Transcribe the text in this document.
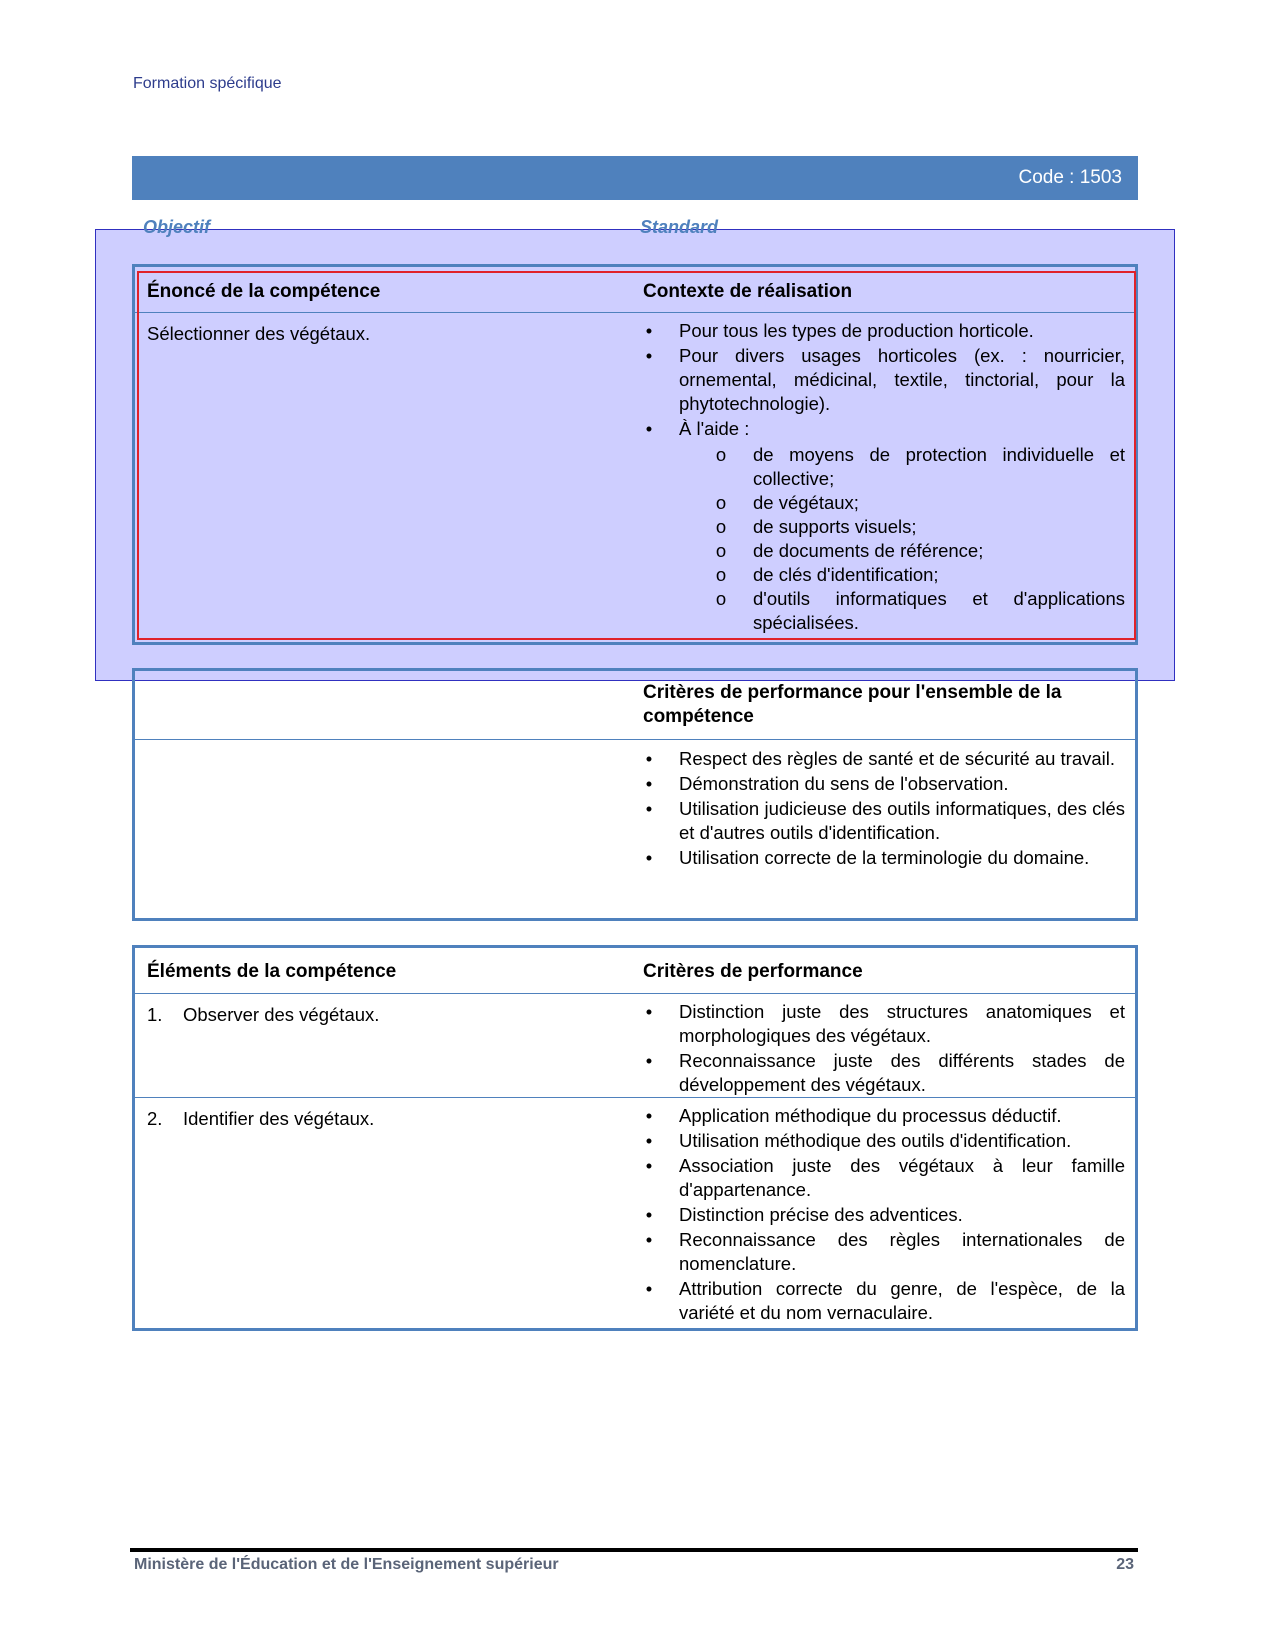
Formation spécifique
Code : 1503
Objectif	Standard
Énoncé de la compétence	Contexte de réalisation
Sélectionner des végétaux.	• Pour tous les types de production horticole.
• Pour divers usages horticoles (ex. : nourricier, ornemental, médicinal, textile, tinctorial, pour la phytotechnologie).
• À l'aide :
o de moyens de protection individuelle et collective;
o de végétaux;
o de supports visuels;
o de documents de référence;
o de clés d'identification;
o d'outils informatiques et d'applications spécialisées.
Critères de performance pour l'ensemble de la compétence
• Respect des règles de santé et de sécurité au travail.
• Démonstration du sens de l'observation.
• Utilisation judicieuse des outils informatiques, des clés et d'autres outils d'identification.
• Utilisation correcte de la terminologie du domaine.
Éléments de la compétence	Critères de performance
1. Observer des végétaux.	• Distinction juste des structures anatomiques et morphologiques des végétaux.
• Reconnaissance juste des différents stades de développement des végétaux.
2. Identifier des végétaux.	• Application méthodique du processus déductif.
• Utilisation méthodique des outils d'identification.
• Association juste des végétaux à leur famille d'appartenance.
• Distinction précise des adventices.
• Reconnaissance des règles internationales de nomenclature.
• Attribution correcte du genre, de l'espèce, de la variété et du nom vernaculaire.
Ministère de l'Éducation et de l'Enseignement supérieur	23
